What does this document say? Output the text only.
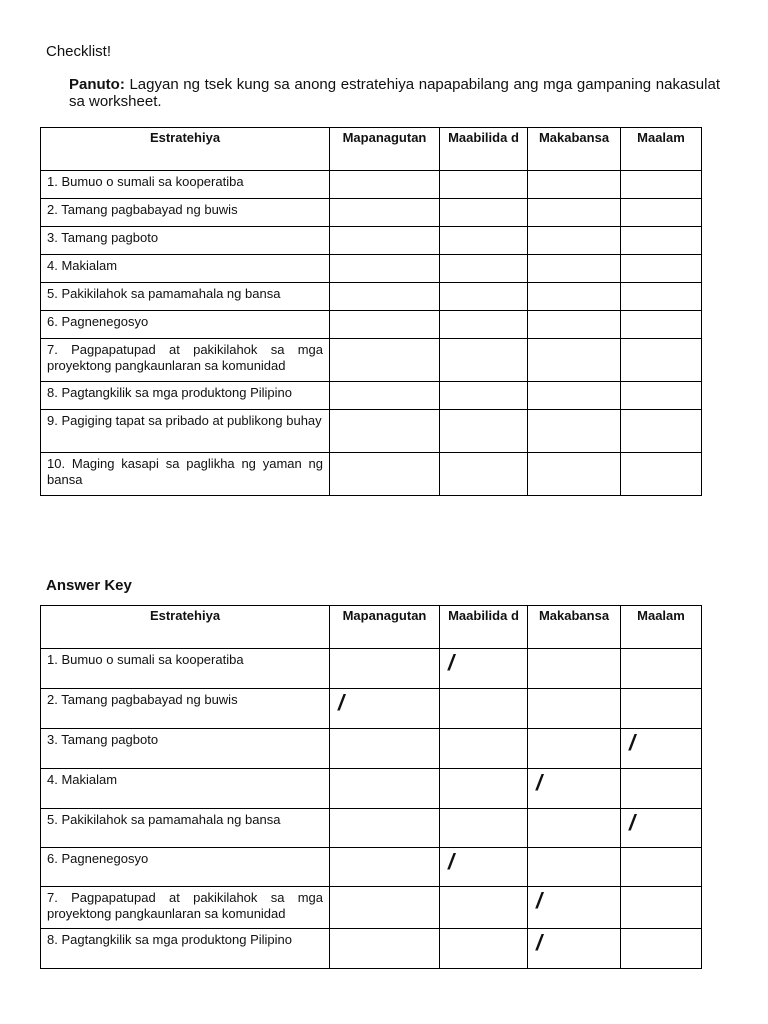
Checklist!
Panuto: Lagyan ng tsek kung sa anong estratehiya napapabilang ang mga gampaning nakasulat sa worksheet.
Estratehiya	Mapanagutan	Maabilida d	Makabansa	Maalam
1. Bumuo o sumali sa kooperatiba				
2. Tamang pagbabayad ng buwis				
3. Tamang pagboto				
4. Makialam				
5. Pakikilahok sa pamamahala ng bansa				
6. Pagnenegosyo				
7. Pagpapatupad at pakikilahok sa mga proyektong pangkaunlaran sa komunidad				
8. Pagtangkilik sa mga produktong Pilipino				
9. Pagiging tapat sa pribado at publikong buhay				
10. Maging kasapi sa paglikha ng yaman ng bansa				
Answer Key
Estratehiya	Mapanagutan	Maabilida d	Makabansa	Maalam
1. Bumuo o sumali sa kooperatiba		/		

2. Tamang pagbabayad ng buwis	/			

3. Tamang pagboto				/

4. Makialam			/	

5. Pakikilahok sa pamamahala ng bansa				/

6. Pagnenegosyo		/		

7. Pagpapatupad at pakikilahok sa mga proyektong pangkaunlaran sa komunidad			/	

8. Pagtangkilik sa mga produktong Pilipino			/	
